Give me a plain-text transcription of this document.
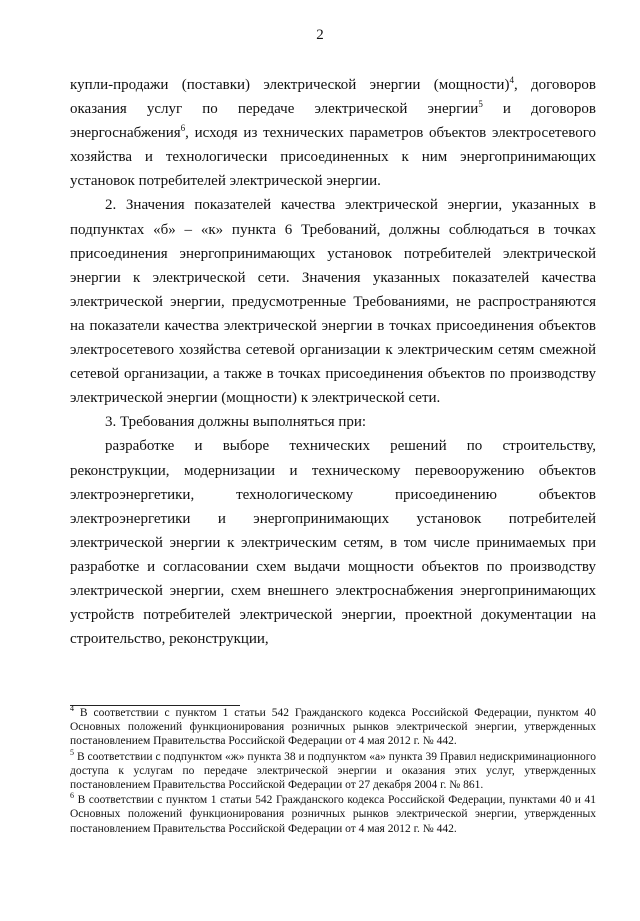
2

купли-продажи (поставки) электрической энергии (мощности)$^4$, договоров оказания услуг по передаче электрической энергии$^5$ и договоров энергоснабжения$^6$, исходя из технических параметров объектов электросетевого хозяйства и технологически присоединенных к ним энергопринимающих установок потребителей электрической энергии.

2. Значения показателей качества электрической энергии, указанных в подпунктах «б» – «к» пункта 6 Требований, должны соблюдаться в точках присоединения энергопринимающих установок потребителей электрической энергии к электрической сети. Значения указанных показателей качества электрической энергии, предусмотренные Требованиями, не распространяются на показатели качества электрической энергии в точках присоединения объектов электросетевого хозяйства сетевой организации к электрическим сетям смежной сетевой организации, а также в точках присоединения объектов по производству электрической энергии (мощности) к электрической сети.

3. Требования должны выполняться при:

разработке и выборе технических решений по строительству, реконструкции, модернизации и техническому перевооружению объектов электроэнергетики, технологическому присоединению объектов электроэнергетики и энергопринимающих установок потребителей электрической энергии к электрическим сетям, в том числе принимаемых при разработке и согласовании схем выдачи мощности объектов по производству электрической энергии, схем внешнего электроснабжения энергопринимающих устройств потребителей электрической энергии, проектной документации на строительство, реконструкции,

$^4$ В соответствии с пунктом 1 статьи 542 Гражданского кодекса Российской Федерации, пунктом 40 Основных положений функционирования розничных рынков электрической энергии, утвержденных постановлением Правительства Российской Федерации от 4 мая 2012 г. № 442.

$^5$ В соответствии с подпунктом «ж» пункта 38 и подпунктом «а» пункта 39 Правил недискриминационного доступа к услугам по передаче электрической энергии и оказания этих услуг, утвержденных постановлением Правительства Российской Федерации от 27 декабря 2004 г. № 861.

$^6$ В соответствии с пунктом 1 статьи 542 Гражданского кодекса Российской Федерации, пунктами 40 и 41 Основных положений функционирования розничных рынков электрической энергии, утвержденных постановлением Правительства Российской Федерации от 4 мая 2012 г. № 442.
